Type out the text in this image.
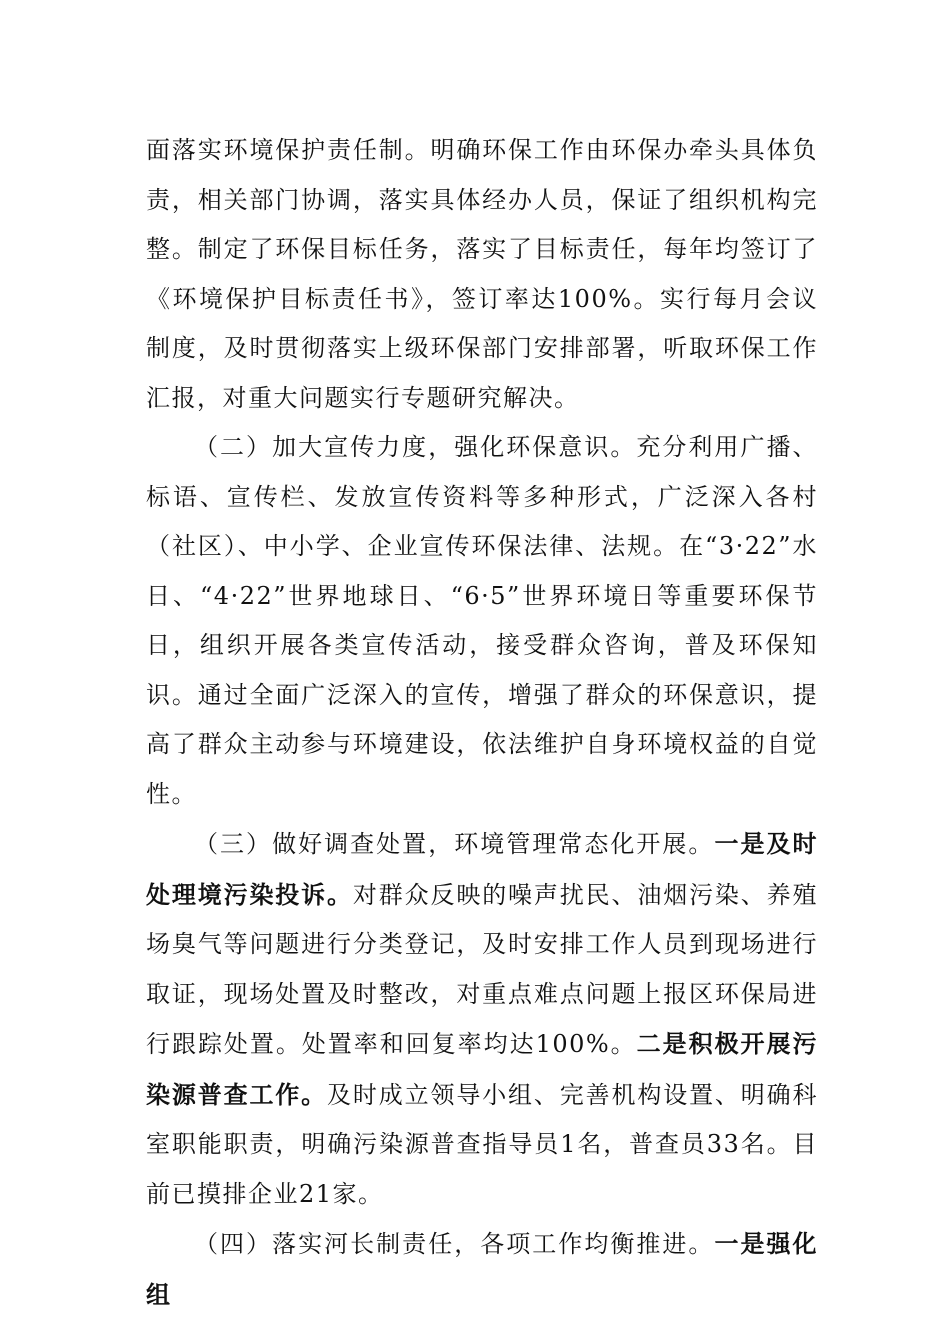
面落实环境保护责任制。明确环保工作由环保办牵头具体负责，相关部门协调，落实具体经办人员，保证了组织机构完整。制定了环保目标任务，落实了目标责任，每年均签订了《环境保护目标责任书》，签订率达100%。实行每月会议制度，及时贯彻落实上级环保部门安排部署，听取环保工作汇报，对重大问题实行专题研究解决。

（二）加大宣传力度，强化环保意识。充分利用广播、标语、宣传栏、发放宣传资料等多种形式，广泛深入各村（社区）、中小学、企业宣传环保法律、法规。在“3·22”水日、“4·22”世界地球日、“6·5”世界环境日等重要环保节日，组织开展各类宣传活动，接受群众咨询，普及环保知识。通过全面广泛深入的宣传，增强了群众的环保意识，提高了群众主动参与环境建设，依法维护自身环境权益的自觉性。

（三）做好调查处置，环境管理常态化开展。一是及时处理境污染投诉。对群众反映的噪声扰民、油烟污染、养殖场臭气等问题进行分类登记，及时安排工作人员到现场进行取证，现场处置及时整改，对重点难点问题上报区环保局进行跟踪处置。处置率和回复率均达100%。二是积极开展污染源普查工作。及时成立领导小组、完善机构设置、明确科室职能职责，明确污染源普查指导员1名，普查员33名。目前已摸排企业21家。

（四）落实河长制责任，各项工作均衡推进。一是强化组
